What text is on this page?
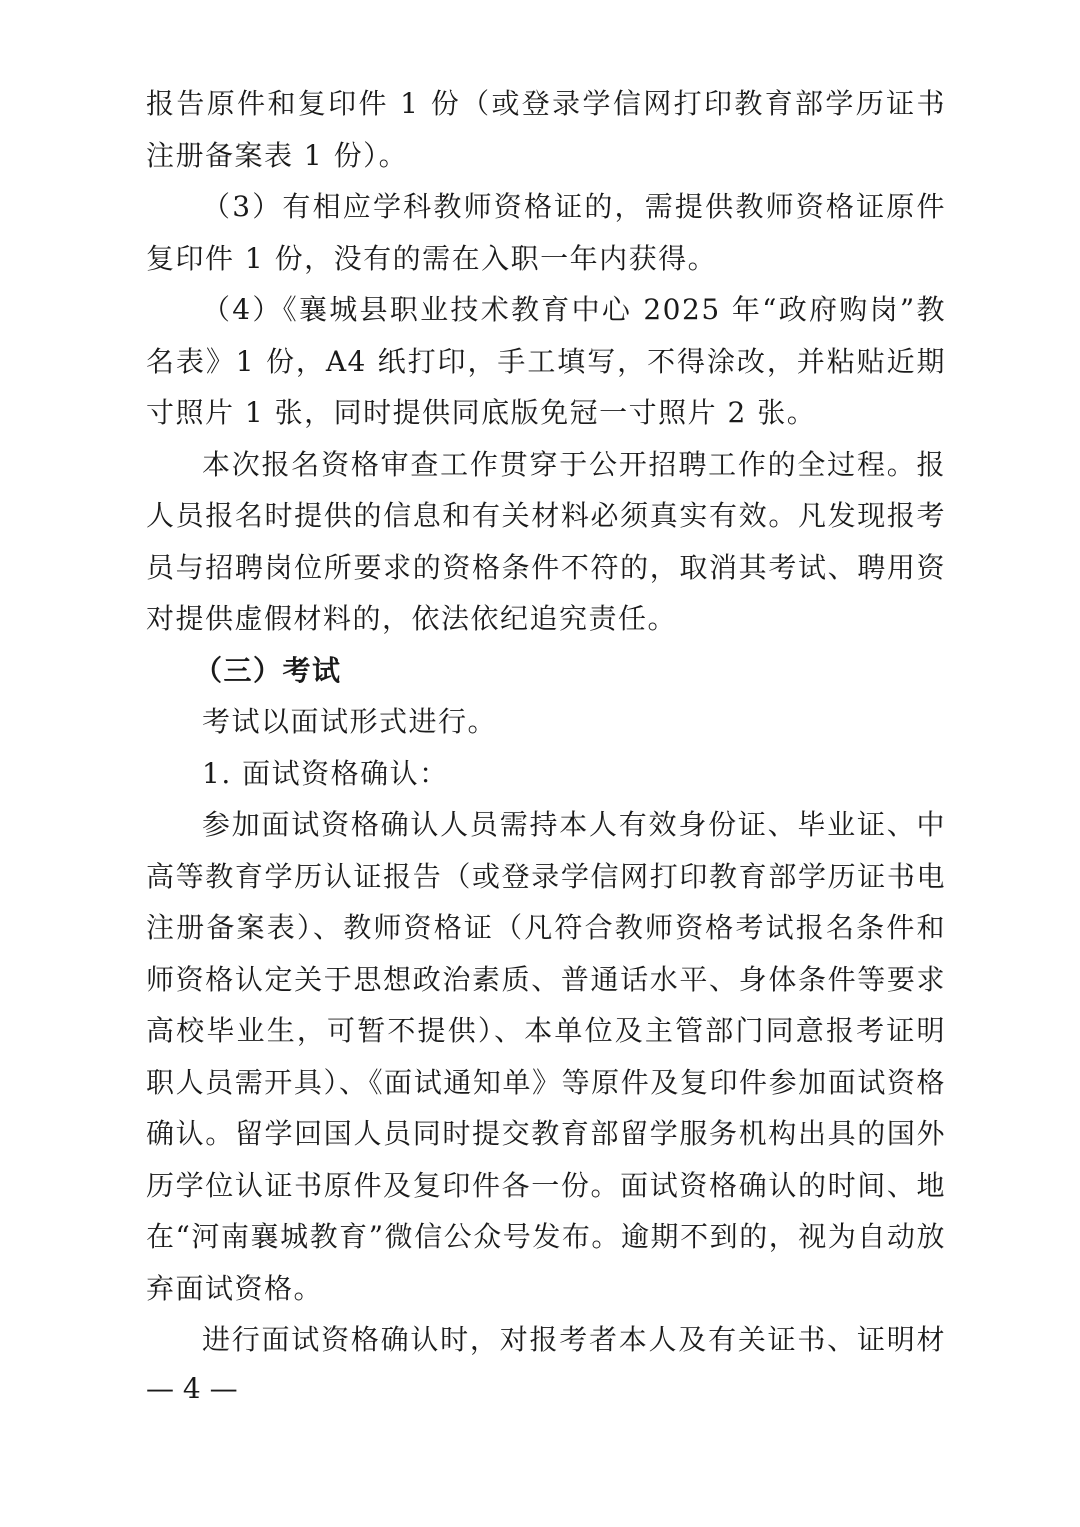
报告原件和复印件 1 份（或登录学信网打印教育部学历证书
注册备案表 1 份）。
（3）有相应学科教师资格证的，需提供教师资格证原件
复印件 1 份，没有的需在入职一年内获得。
（4）《襄城县职业技术教育中心 2025 年“政府购岗”教
名表》1 份，A4 纸打印，手工填写，不得涂改，并粘贴近期
寸照片 1 张，同时提供同底版免冠一寸照片 2 张。
本次报名资格审查工作贯穿于公开招聘工作的全过程。报
人员报名时提供的信息和有关材料必须真实有效。凡发现报考
员与招聘岗位所要求的资格条件不符的，取消其考试、聘用资
对提供虚假材料的，依法依纪追究责任。
（三）考试
考试以面试形式进行。
1. 面试资格确认：
参加面试资格确认人员需持本人有效身份证、毕业证、中
高等教育学历认证报告（或登录学信网打印教育部学历证书电
注册备案表）、教师资格证（凡符合教师资格考试报名条件和
师资格认定关于思想政治素质、普通话水平、身体条件等要求
高校毕业生，可暂不提供）、本单位及主管部门同意报考证明
职人员需开具）、《面试通知单》等原件及复印件参加面试资格
确认。留学回国人员同时提交教育部留学服务机构出具的国外
历学位认证书原件及复印件各一份。面试资格确认的时间、地
在“河南襄城教育”微信公众号发布。逾期不到的，视为自动放
弃面试资格。
进行面试资格确认时，对报考者本人及有关证书、证明材
— 4 —
